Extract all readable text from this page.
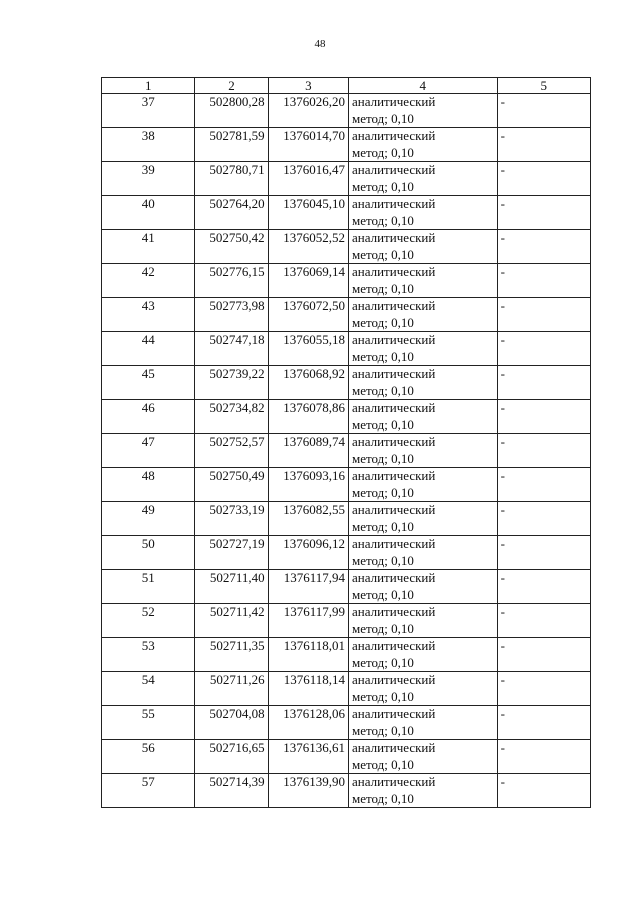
48
1	2	3	4	5
37	502800,28	1376026,20	аналитический
метод; 0,10	-
38	502781,59	1376014,70	аналитический
метод; 0,10	-
39	502780,71	1376016,47	аналитический
метод; 0,10	-
40	502764,20	1376045,10	аналитический
метод; 0,10	-
41	502750,42	1376052,52	аналитический
метод; 0,10	-
42	502776,15	1376069,14	аналитический
метод; 0,10	-
43	502773,98	1376072,50	аналитический
метод; 0,10	-
44	502747,18	1376055,18	аналитический
метод; 0,10	-
45	502739,22	1376068,92	аналитический
метод; 0,10	-
46	502734,82	1376078,86	аналитический
метод; 0,10	-
47	502752,57	1376089,74	аналитический
метод; 0,10	-
48	502750,49	1376093,16	аналитический
метод; 0,10	-
49	502733,19	1376082,55	аналитический
метод; 0,10	-
50	502727,19	1376096,12	аналитический
метод; 0,10	-
51	502711,40	1376117,94	аналитический
метод; 0,10	-
52	502711,42	1376117,99	аналитический
метод; 0,10	-
53	502711,35	1376118,01	аналитический
метод; 0,10	-
54	502711,26	1376118,14	аналитический
метод; 0,10	-
55	502704,08	1376128,06	аналитический
метод; 0,10	-
56	502716,65	1376136,61	аналитический
метод; 0,10	-
57	502714,39	1376139,90	аналитический
метод; 0,10	-
